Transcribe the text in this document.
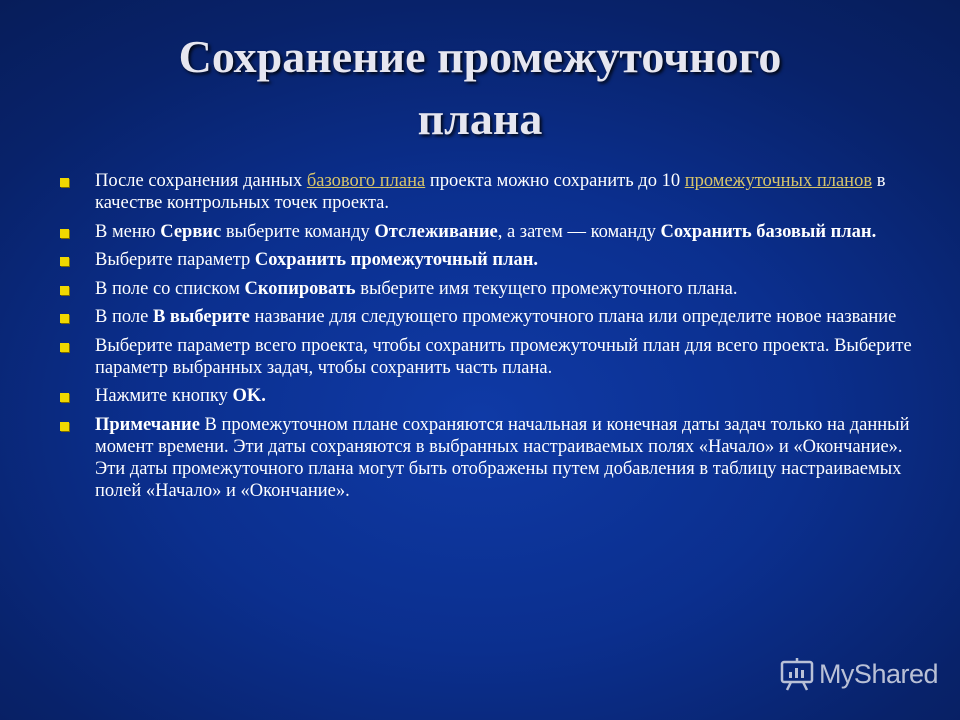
Сохранение промежуточного
плана
После сохранения данных базового плана проекта можно сохранить до 10 промежуточных планов в качестве контрольных точек проекта.
В меню Сервис выберите команду Отслеживание, а затем — команду Сохранить базовый план.
Выберите параметр Сохранить промежуточный план.
В поле со списком Скопировать выберите имя текущего промежуточного плана.
В поле В выберите название для следующего промежуточного плана или определите новое название
Выберите параметр всего проекта, чтобы сохранить промежуточный план для всего проекта. Выберите параметр выбранных задач, чтобы сохранить часть плана.
Нажмите кнопку OK.
Примечание В промежуточном плане сохраняются начальная и конечная даты задач только на данный момент времени. Эти даты сохраняются в выбранных настраиваемых полях «Начало» и «Окончание». Эти даты промежуточного плана могут быть отображены путем добавления в таблицу настраиваемых полей «Начало» и «Окончание».
MyShared
